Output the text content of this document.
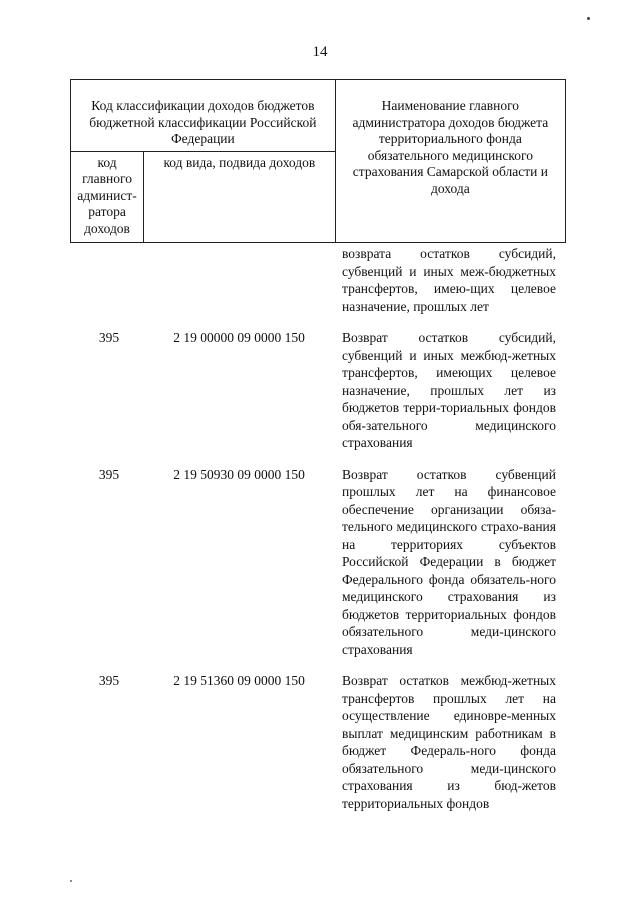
14
Код классификации доходов бюджетов бюджетной классификации Российской Федерации		Наименование главного администратора доходов бюджета территориального фонда обязательного медицинского страхования Самарской области и дохода
код главного админист-ратора доходов	код вида, подвида доходов	
возврата остатков субсидий, субвенций и иных меж-бюджетных трансфертов, имею-щих целевое назначение, прошлых лет
395	2 19 00000 09 0000 150	Возврат остатков субсидий, субвенций и иных межбюд-жетных трансфертов, имеющих целевое назначение, прошлых лет из бюджетов терри-ториальных фондов обя-зательного медицинского страхования
395	2 19 50930 09 0000 150	Возврат остатков субвенций прошлых лет на финансовое обеспечение организации обяза-тельного медицинского страхо-вания на территориях субъектов Российской Федерации в бюджет Федерального фонда обязатель-ного медицинского страхования из бюджетов территориальных фондов обязательного меди-цинского страхования
395	2 19 51360 09 0000 150	Возврат остатков межбюд-жетных трансфертов прошлых лет на осуществление единовре-менных выплат медицинским работникам в бюджет Федераль-ного фонда обязательного меди-цинского страхования из бюд-жетов территориальных фондов
